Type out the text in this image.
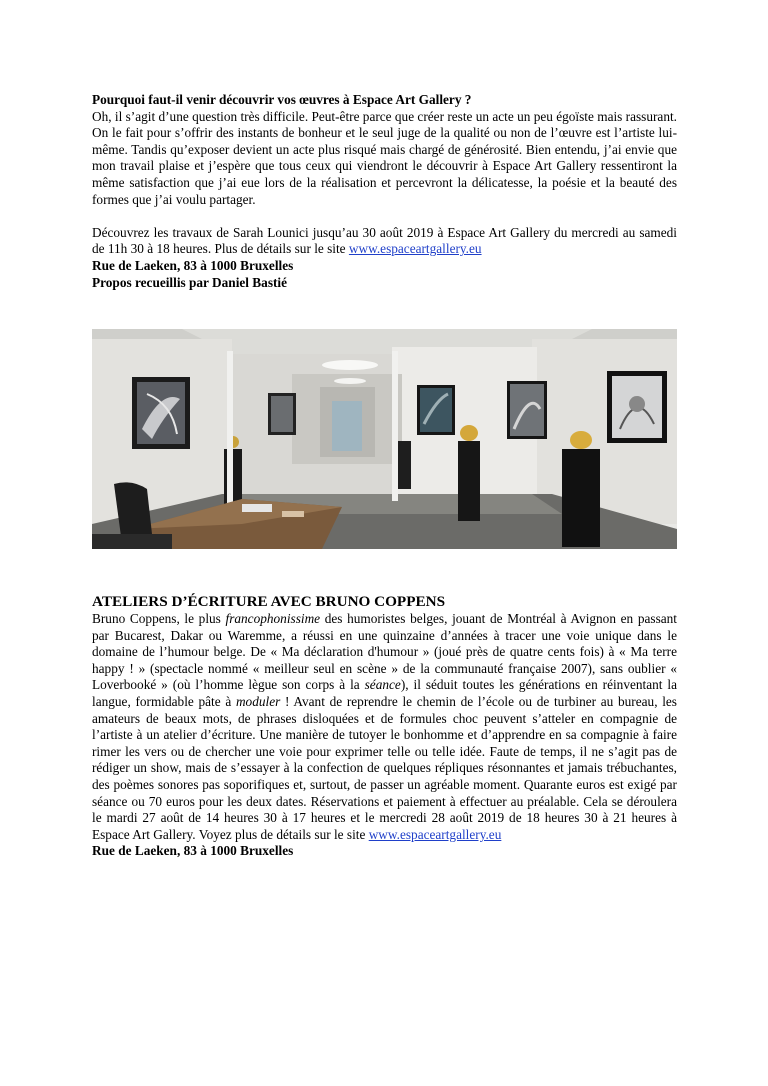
Pourquoi faut-il venir découvrir vos œuvres à Espace Art Gallery ?

Oh, il s’agit d’une question très difficile. Peut-être parce que créer reste un acte un peu égoïste mais rassurant. On le fait pour s’offrir des instants de bonheur et le seul juge de la qualité ou non de l’œuvre est l’artiste lui-même. Tandis qu’exposer devient un acte plus risqué mais chargé de générosité. Bien entendu, j’ai envie que mon travail plaise et j’espère que tous ceux qui viendront le découvrir à Espace Art Gallery ressentiront la même satisfaction que j’ai eue lors de la réalisation et percevront la délicatesse, la poésie et la beauté des formes que j’ai voulu partager.

Découvrez les travaux de Sarah Lounici jusqu’au 30 août 2019 à Espace Art Gallery du mercredi au samedi de 11h 30 à 18 heures. Plus de détails sur le site www.espaceartgallery.eu

Rue de Laeken, 83 à 1000 Bruxelles

Propos recueillis par Daniel Bastié

ATELIERS D’ÉCRITURE AVEC BRUNO COPPENS

Bruno Coppens, le plus francophonissime des humoristes belges, jouant de Montréal à Avignon en passant par Bucarest, Dakar ou Waremme, a réussi en une quinzaine d’années à tracer une voie unique dans le domaine de l’humour belge. De « Ma déclaration d'humour » (joué près de quatre cents fois) à « Ma terre happy ! » (spectacle nommé « meilleur seul en scène » de la communauté française 2007), sans oublier « Loverbooké » (où l’homme lègue son corps à la séance), il séduit toutes les générations en réinventant la langue, formidable pâte à moduler ! Avant de reprendre le chemin de l’école ou de turbiner au bureau, les amateurs de beaux mots, de phrases disloquées et de formules choc peuvent s’atteler en compagnie de l’artiste à un atelier d’écriture. Une manière de tutoyer le bonhomme et d’apprendre en sa compagnie à faire rimer les vers ou de chercher une voie pour exprimer telle ou telle idée. Faute de temps, il ne s’agit pas de rédiger un show, mais de s’essayer à la confection de quelques répliques résonnantes et jamais trébuchantes, des poèmes sonores pas soporifiques et, surtout, de passer un agréable moment. Quarante euros est exigé par séance ou 70 euros pour les deux dates. Réservations et paiement à effectuer au préalable. Cela se déroulera le mardi 27 août de 14 heures 30 à 17 heures et le mercredi 28 août 2019 de 18 heures 30 à 21 heures à Espace Art Gallery. Voyez plus de détails sur le site www.espaceartgallery.eu

Rue de Laeken, 83 à 1000 Bruxelles
